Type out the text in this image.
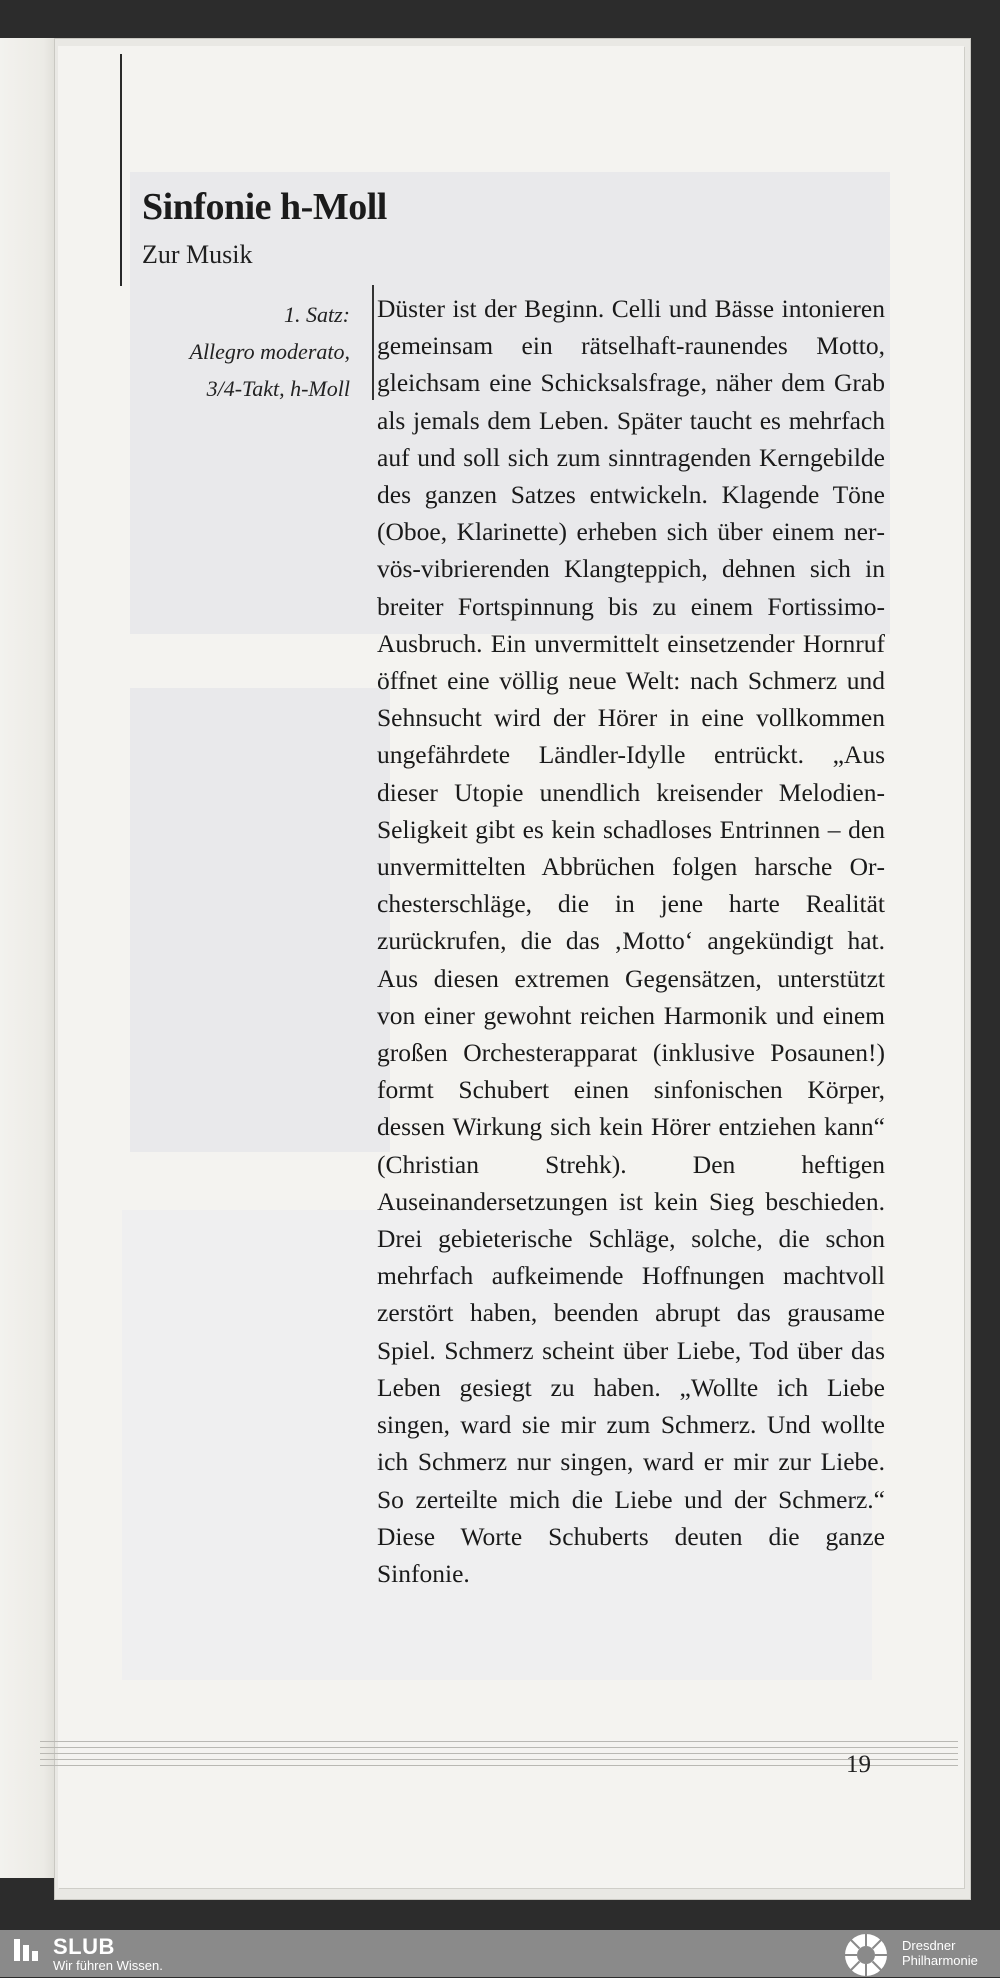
Sinfonie h-Moll
Zur Musik
1. Satz:
Allegro moderato,
3/4-Takt, h-Moll

Düster ist der Beginn. Celli und Bässe intonieren gemeinsam ein rätselhaft-raunendes Motto, gleichsam eine Schicksalsfrage, näher dem Grab als jemals dem Leben. Später taucht es mehrfach auf und soll sich zum sinntragenden Kerngebilde des ganzen Satzes entwickeln. Klagende Töne (Oboe, Klarinette) erheben sich über einem nervös-vibrierenden Klangteppich, dehnen sich in breiter Fortspinnung bis zu einem Fortissimo-Ausbruch. Ein unvermittelt einsetzender Hornruf öffnet eine völlig neue Welt: nach Schmerz und Sehnsucht wird der Hörer in eine vollkommen ungefährdete Ländler-Idylle entrückt. „Aus dieser Utopie unendlich kreisender Melodien-Seligkeit gibt es kein schadloses Entrinnen – den unvermittelten Abbrüchen folgen harsche Orchesterschläge, die in jene harte Realität zurückrufen, die das ‚Motto‘ angekündigt hat. Aus diesen extremen Gegensätzen, unterstützt von einer gewohnt reichen Harmonik und einem großen Orchesterapparat (inklusive Posaunen!) formt Schubert einen sinfonischen Körper, dessen Wirkung sich kein Hörer entziehen kann“ (Christian Strehk). Den heftigen Auseinandersetzungen ist kein Sieg beschieden. Drei gebieterische Schläge, solche, die schon mehrfach aufkeimende Hoffnungen machtvoll zerstört haben, beenden abrupt das grausame Spiel. Schmerz scheint über Liebe, Tod über das Leben gesiegt zu haben. „Wollte ich Liebe singen, ward sie mir zum Schmerz. Und wollte ich Schmerz nur singen, ward er mir zur Liebe. So zerteilte mich die Liebe und der Schmerz.“ Diese Worte Schuberts deuten die ganze Sinfonie.

19
SLUB
Wir führen Wissen.
Dresdner
Philharmonie
